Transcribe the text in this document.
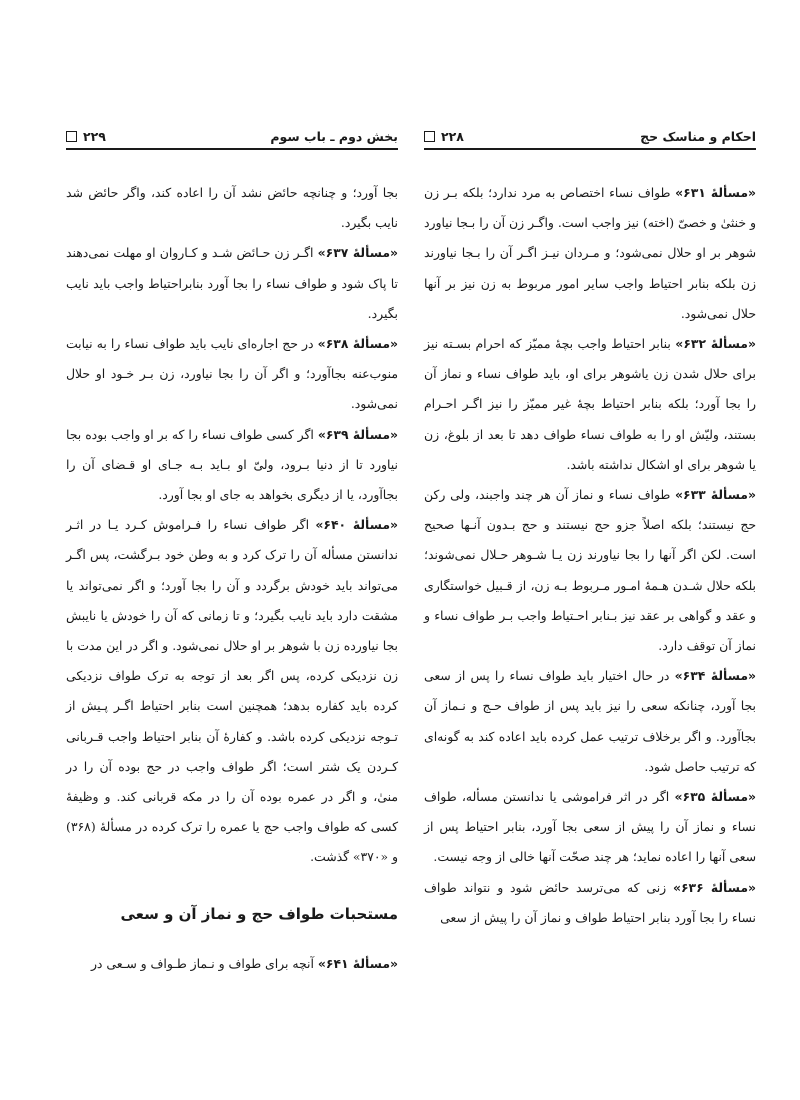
بخش دوم ـ باب سوم
۲۲۹

بجا آورد؛ و چنانچه حائض نشد آن را اعاده کند، واگر حائض شد نایب بگیرد.

«مسألهٔ ۶۳۷» اگـر زن حـائض شـد و کـاروان او مهلت نمی‌دهند تا پاک شود و طواف نساء را بجا آورد بنابراحتیاط واجب باید نایب بگیرد.

«مسألهٔ ۶۳۸» در حج اجاره‌ای نایب باید طواف نساء را به نیابت منوب‌عنه بجاآورد؛ و اگر آن را بجا نیاورد، زن بـر خـود او حلال نمی‌شود.

«مسألهٔ ۶۳۹» اگر کسی طواف نساء را که بر او واجب بوده بجا نیاورد تا از دنیا بـرود، ولیّ او بـاید بـه جـای او قـضای آن را بجاآورد، یا از دیگری بخواهد به جای او بجا آورد.

«مسألهٔ ۶۴۰» اگر طواف نساء را فـراموش کـرد یـا در اثـر ندانستن مسأله آن را ترک کرد و به وطن خود بـرگشت، پس اگـر می‌تواند باید خودش برگردد و آن را بجا آورد؛ و اگر نمی‌تواند یا مشقت دارد باید نایب بگیرد؛ و تا زمانی که آن را خودش یا نایبش بجا نیاورده زن با شوهر بر او حلال نمی‌شود. و اگر در این مدت با زن نزدیکی کرده، پس اگر بعد از توجه به ترک طواف نزدیکی کرده باید کفاره بدهد؛ همچنین است بنابر احتیاط اگـر پـیش از تـوجه نزدیکی کرده باشد. و کفارهٔ آن بنابر احتیاط واجب قـربانی کـردن یک شتر است؛ اگر طواف واجب در حج بوده آن را در منیٰ، و اگر در عمره بوده آن را در مکه قربانی کند. و وظیفهٔ کسی که طواف واجب حج یا عمره را ترک کرده در مسألهٔ (۳۶۸) و «۳۷۰» گذشت.

مستحبات طواف حج و نماز آن و سعی

«مسألهٔ ۶۴۱» آنچه برای طواف و نـماز طـواف و سـعی در

احکام و مناسک حج
۲۲۸

«مسألهٔ ۶۳۱» طواف نساء اختصاص به مرد ندارد؛ بلکه بـر زن و خنثیٰ و خصیّ (اخته) نیز واجب است. واگـر زن آن را بـجا نیاورد شوهر بر او حلال نمی‌شود؛ و مـردان نیـز اگـر آن را بـجا نیاورند زن بلکه بنابر احتیاط واجب سایر امور مربوط به زن نیز بر آنها حلال نمی‌شود.

«مسألهٔ ۶۳۲» بنابر احتیاط واجب بچهٔ ممیّز که احرام بسـته نیز برای حلال شدن زن یاشوهر برای او، باید طواف نساء و نماز آن را بجا آورد؛ بلکه بنابر احتیاط بچهٔ غیر ممیّز را نیز اگـر احـرام بستند، ولیّش او را به طواف نساء طواف دهد تا بعد از بلوغ، زن یا شوهر برای او اشکال نداشته باشد.

«مسألهٔ ۶۳۳» طواف نساء و نماز آن هر چند واجبند، ولی رکن حج نیستند؛ بلکه اصلاً جزو حج نیستند و حج بـدون آنـها صحیح است. لکن اگر آنها را بجا نیاورند زن یـا شـوهر حـلال نمی‌شوند؛ بلکه حلال شـدن هـمهٔ امـور مـربوط بـه زن، از قـبیل خواستگاری و عقد و گواهی بر عقد نیز بـنابر احـتیاط واجب بـر طواف نساء و نماز آن توقف دارد.

«مسألهٔ ۶۳۴» در حال اختیار باید طواف نساء را پس از سعی بجا آورد، چنانکه سعی را نیز باید پس از طواف حـج و نـماز آن بجاآورد. و اگر برخلاف ترتیب عمل کرده باید اعاده کند به گونه‌ای که ترتیب حاصل شود.

«مسألهٔ ۶۳۵» اگر در اثر فراموشی یا ندانستن مسأله، طواف نساء و نماز آن را پیش از سعی بجا آورد، بنابر احتیاط پس از سعی آنها را اعاده نماید؛ هر چند صحّت آنها خالی از وجه نیست.

«مسألهٔ ۶۳۶» زنی که می‌ترسد حائض شود و نتواند طواف نساء را بجا آورد بنابر احتیاط طواف و نماز آن را پیش از سعی
